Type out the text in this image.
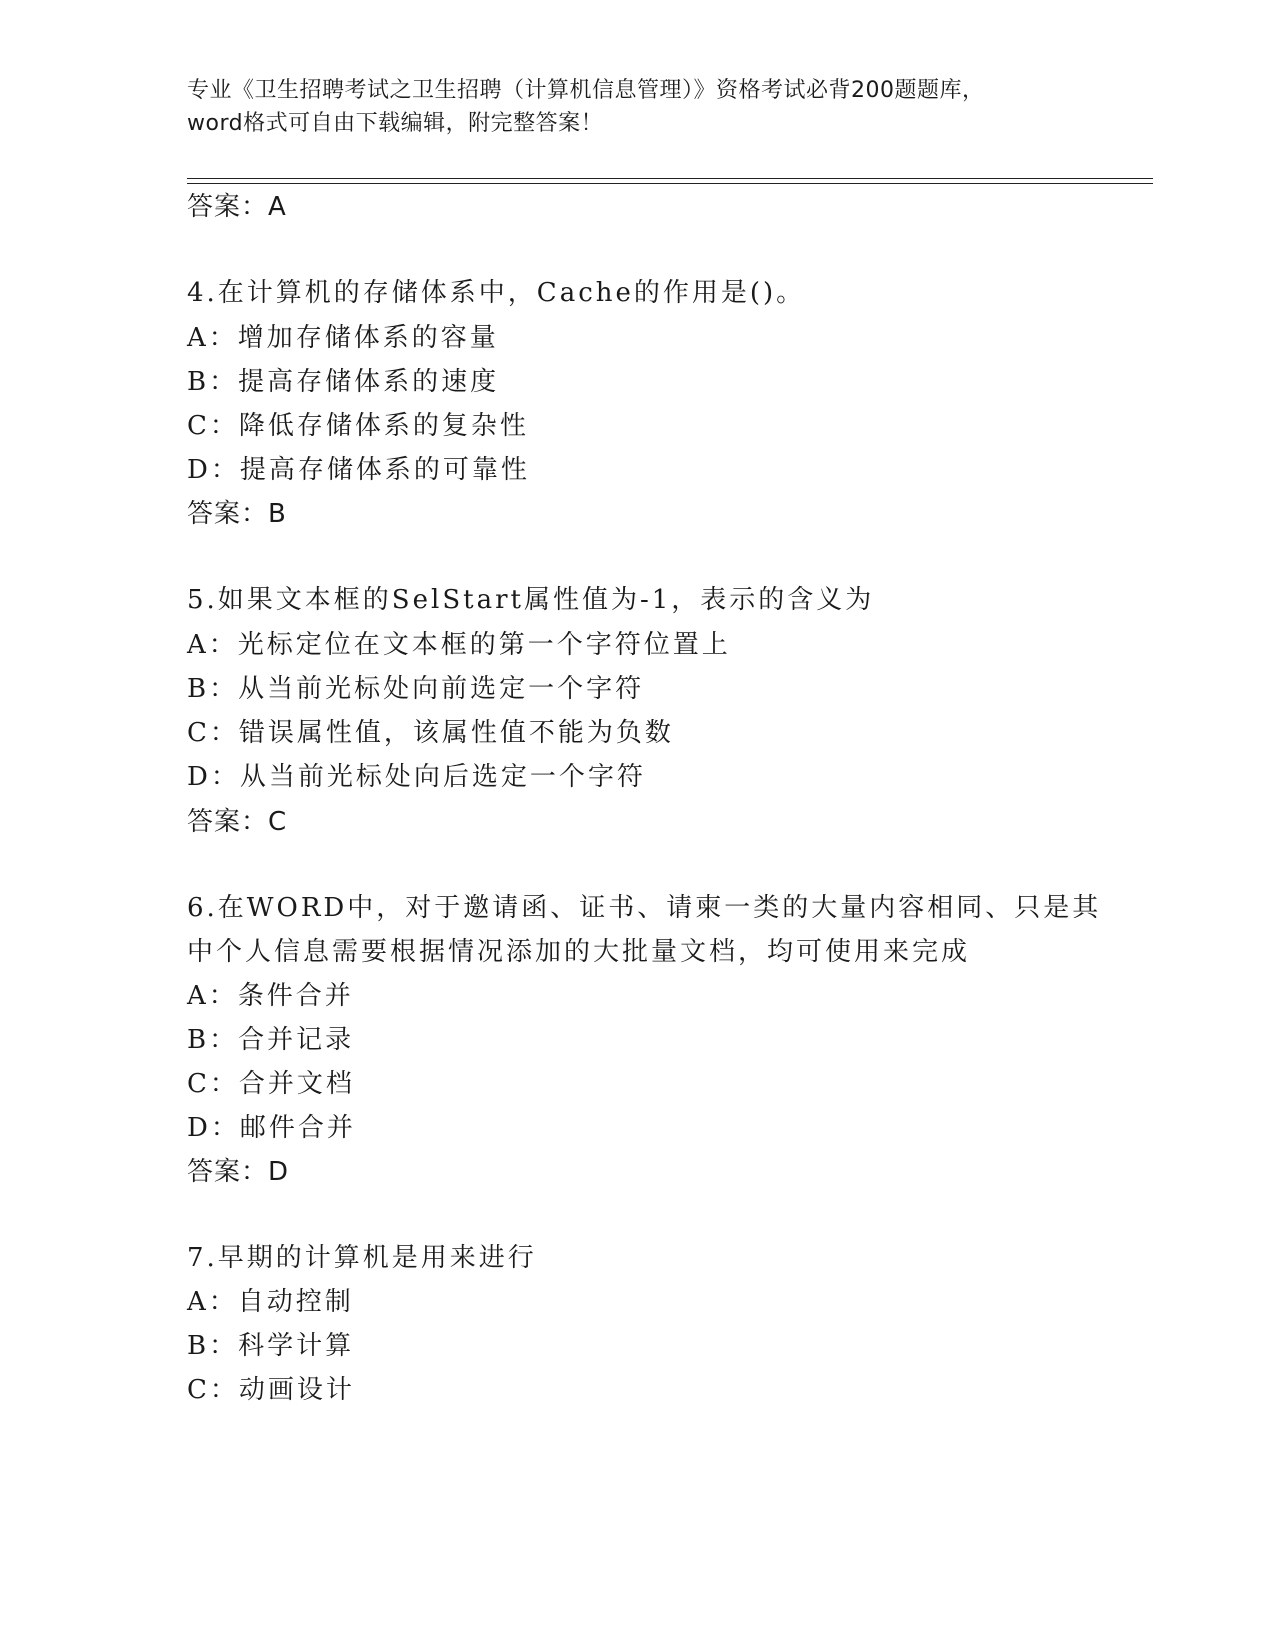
专业《卫生招聘考试之卫生招聘（计算机信息管理）》资格考试必背200题题库，
word格式可自由下载编辑，附完整答案！
答案：A
4.在计算机的存储体系中，Cache的作用是()。
A：增加存储体系的容量
B：提高存储体系的速度
C：降低存储体系的复杂性
D：提高存储体系的可靠性
答案：B
5.如果文本框的SelStart属性值为-1，表示的含义为
A：光标定位在文本框的第一个字符位置上
B：从当前光标处向前选定一个字符
C：错误属性值，该属性值不能为负数
D：从当前光标处向后选定一个字符
答案：C
6.在WORD中，对于邀请函、证书、请柬一类的大量内容相同、只是其
中个人信息需要根据情况添加的大批量文档，均可使用来完成
A：条件合并
B：合并记录
C：合并文档
D：邮件合并
答案：D
7.早期的计算机是用来进行
A：自动控制
B：科学计算
C：动画设计
